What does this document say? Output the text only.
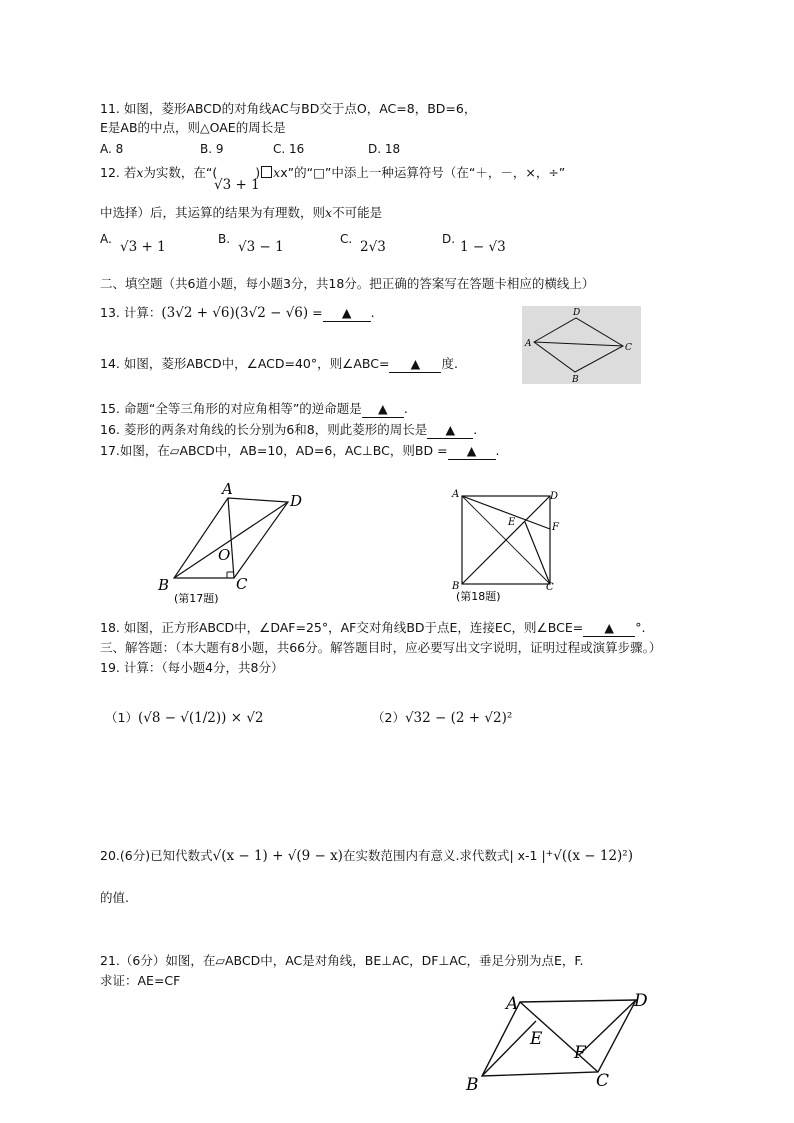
11. 如图，菱形ABCD的对角线AC与BD交于点O，AC=8，BD=6，
E是AB的中点，则△OAE的周长是
A. 8	B. 9	C. 16	D. 18
12. 若x为实数，在“(	) xx”的“□”中添上一种运算符号（在“＋，－，×，÷”
√3 + 1
中选择）后，其运算的结果为有理数，则x不可能是
A. √3 + 1	B. √3 − 1	C. 2√3	D. 1 − √3
二、填空题（共6道小题，每小题3分，共18分。把正确的答案写在答题卡相应的横线上）
13. 计算：(3√2 + √6)(3√2 − √6) = ▲ .
A
B
C
D
14. 如图，菱形ABCD中，∠ACD=40°，则∠ABC= ▲ 度.
15. 命题“全等三角形的对应角相等”的逆命题是 ▲ .
16. 菱形的两条对角线的长分别为6和8，则此菱形的周长是 ▲ .
17.如图，在▱ABCD中，AB=10，AD=6，AC⊥BC，则BD = ▲ .
A
B	C
D
O
(第17题)
A
B	C
D
E	F
(第18题)
18. 如图，正方形ABCD中，∠DAF=25°，AF交对角线BD于点E，连接EC，则∠BCE= ▲ °.
三、解答题：（本大题有8小题，共66分。解答题目时，应必要写出文字说明，证明过程或演算步骤。）
19. 计算：（每小题4分，共8分）
（1）(√8 − √(1/2)) × √2	（2）√32 − (2 + √2)²
20.(6分)已知代数式√(x − 1) + √(9 − x)在实数范围内有意义.求代数式| x-1 |+√((x − 12)²)
的值.
21.（6分）如图，在▱ABCD中，AC是对角线，BE⊥AC，DF⊥AC，垂足分别为点E，F.
求证：AE=CF
A
B	C
D
E
F
